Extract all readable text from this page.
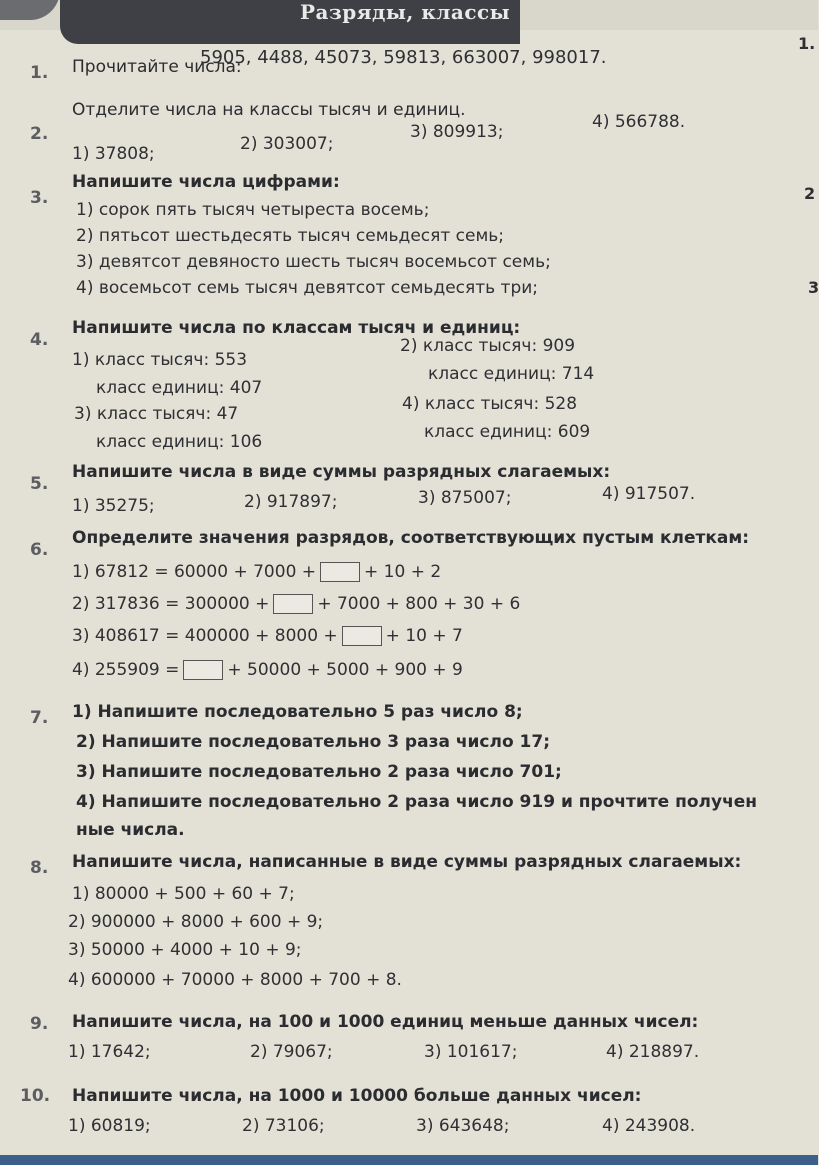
Разряды, классы
1.
2
3
1. Прочитайте числа:
5905, 4488, 45073, 59813, 663007, 998017.
2.
Отделите числа на классы тысяч и единиц.
1) 37808;	2) 303007;
3) 809913;	4) 566788.
3.
Напишите числа цифрами:
1) сорок пять тысяч четыреста восемь;
2) пятьсот шестьдесять тысяч семьдесят семь;
3) девятсот девяносто шесть тысяч восемьсот семь;
4) восемьсот семь тысяч девятсот семьдесять три;
4.
Напишите числа по классам тысяч и единиц:
1) класс тысяч: 553
класс единиц: 407
2) класс тысяч: 909
класс единиц: 714
3) класс тысяч: 47
класс единиц: 106
4) класс тысяч: 528
класс единиц: 609
5.
Напишите числа в виде суммы разрядных слагаемых:
1) 35275;	2) 917897;	3) 875007;	4) 917507.
6.
Определите значения разрядов, соответствующих пустым клеткам:
1) 67812 = 60000 + 7000 +	+ 10 + 2
2) 317836 = 300000 +	+ 7000 + 800 + 30 + 6
3) 408617 = 400000 + 8000 +	+ 10 + 7
4) 255909 =	+ 50000 + 5000 + 900 + 9
7. 1) Напишите последовательно 5 раз число 8;
2) Напишите последовательно 3 раза число 17;
3) Напишите последовательно 2 раза число 701;
4) Напишите последовательно 2 раза число 919 и прочтите получен
ные числа.
8. Напишите числа, написанные в виде суммы разрядных слагаемых:
1) 80000 + 500 + 60 + 7;
2) 900000 + 8000 + 600 + 9;
3) 50000 + 4000 + 10 + 9;
4) 600000 + 70000 + 8000 + 700 + 8.
9. Напишите числа, на 100 и 1000 единиц меньше данных чисел:
1) 17642;	2) 79067;	3) 101617;	4) 218897.
10. Напишите числа, на 1000 и 10000 больше данных чисел:
1) 60819;	2) 73106;	3) 643648;	4) 243908.
